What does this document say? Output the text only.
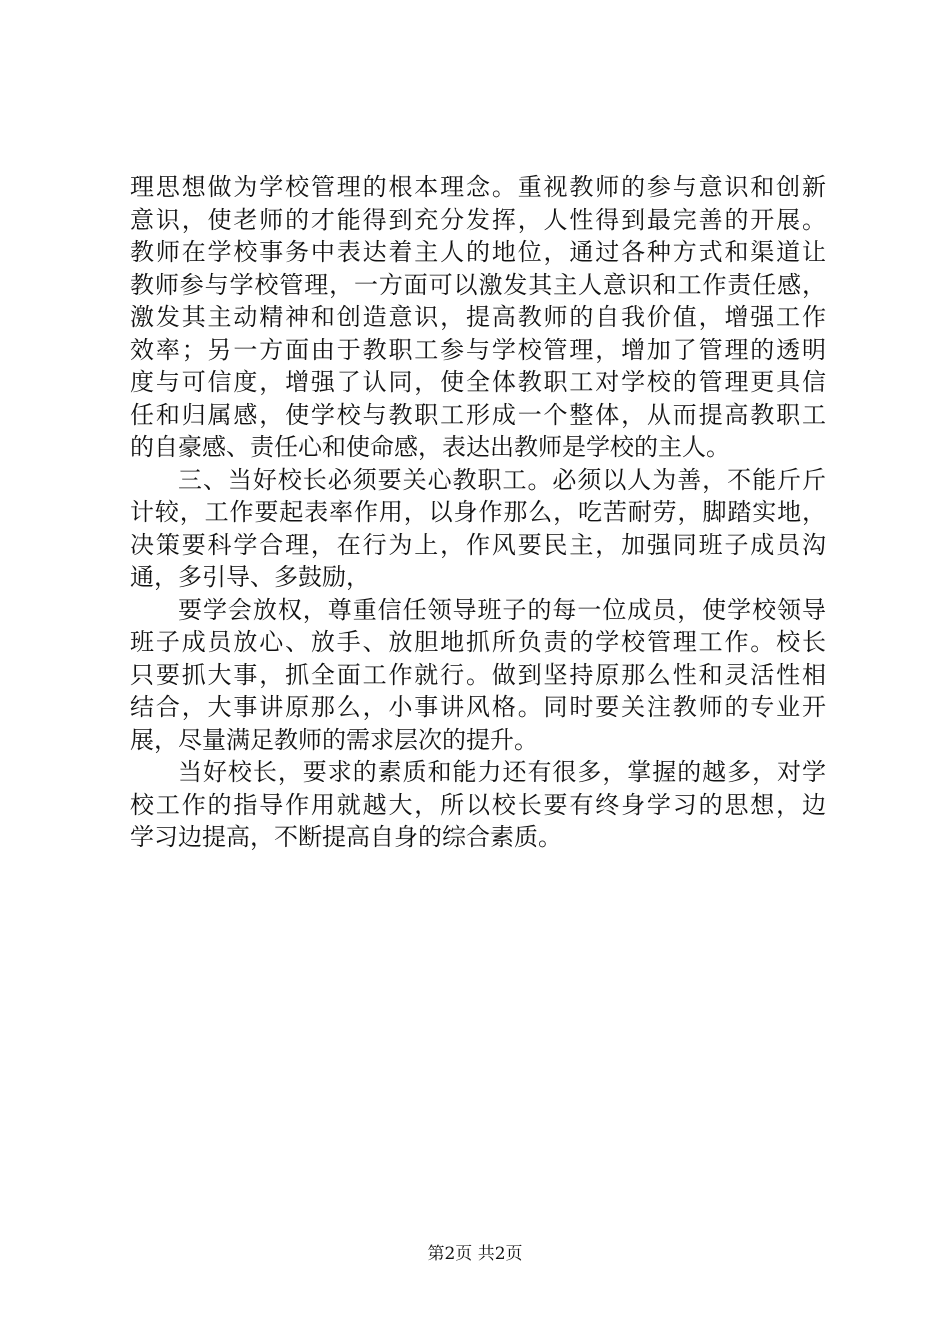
理思想做为学校管理的根本理念。重视教师的参与意识和创新
意识，使老师的才能得到充分发挥，人性得到最完善的开展。
教师在学校事务中表达着主人的地位，通过各种方式和渠道让
教师参与学校管理，一方面可以激发其主人意识和工作责任感，
激发其主动精神和创造意识，提高教师的自我价值，增强工作
效率；另一方面由于教职工参与学校管理，增加了管理的透明
度与可信度，增强了认同，使全体教职工对学校的管理更具信
任和归属感，使学校与教职工形成一个整体，从而提高教职工
的自豪感、责任心和使命感，表达出教师是学校的主人。
三、当好校长必须要关心教职工。必须以人为善，不能斤斤
计较，工作要起表率作用，以身作那么，吃苦耐劳，脚踏实地，
决策要科学合理，在行为上，作风要民主，加强同班子成员沟
通，多引导、多鼓励，
要学会放权，尊重信任领导班子的每一位成员，使学校领导
班子成员放心、放手、放胆地抓所负责的学校管理工作。校长
只要抓大事，抓全面工作就行。做到坚持原那么性和灵活性相
结合，大事讲原那么，小事讲风格。同时要关注教师的专业开
展，尽量满足教师的需求层次的提升。
当好校长，要求的素质和能力还有很多，掌握的越多，对学
校工作的指导作用就越大，所以校长要有终身学习的思想，边
学习边提高，不断提高自身的综合素质。
第2页 共2页
